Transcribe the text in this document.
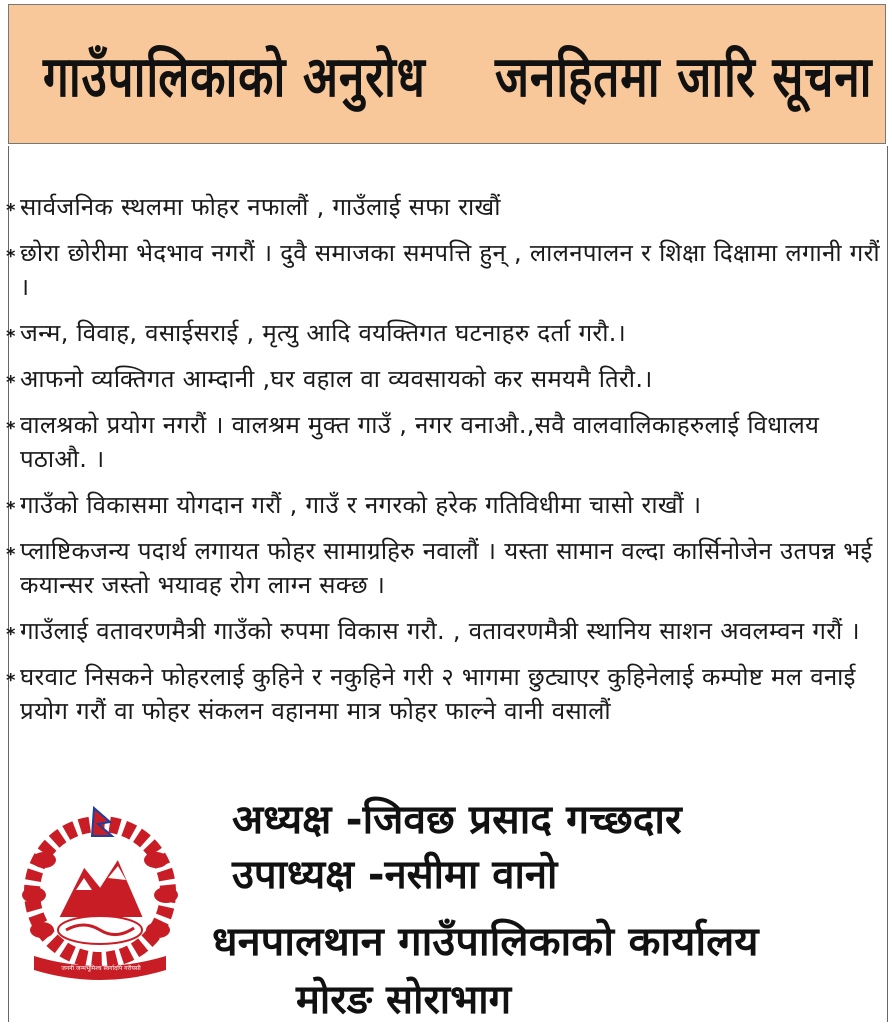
गाउँपालिकाको अनुरोध जनहितमा जारि सूचना
* सार्वजनिक स्थलमा फोहर नफालौं , गाउँलाई सफा राखौं
* छोरा छोरीमा भेदभाव नगरौं । दुवै समाजका समपत्ति हुन् , लालनपालन र शिक्षा दिक्षामा लगानी गरौं ।
* जन्म, विवाह, वसाईसराई , मृत्यु आदि वयक्तिगत घटनाहरु दर्ता गरौ.।
* आफनो व्यक्तिगत आम्दानी ,घर वहाल वा व्यवसायको कर समयमै तिरौ.।
* वालश्रको प्रयोग नगरौं । वालश्रम मुक्त गाउँ , नगर वनाऔ.,सवै वालवालिकाहरुलाई विधालय पठाऔ. ।
* गाउँको विकासमा योगदान गरौं , गाउँ र नगरको हरेक गतिविधीमा चासो राखौं ।
* प्लाष्टिकजन्य पदार्थ लगायत फोहर सामाग्रहिरु नवालौं । यस्ता सामान वल्दा कार्सिनोजेन उतपन्न भई कयान्सर जस्तो भयावह रोग लाग्न सक्छ ।
* गाउँलाई वतावरणमैत्री गाउँको रुपमा विकास गरौ. , वतावरणमैत्री स्थानिय साशन अवलम्वन गरौं ।
* घरवाट निसकने फोहरलाई कुहिने र नकुहिने गरी २ भागमा छुट्याएर कुहिनेलाई कम्पोष्ट मल वनाई प्रयोग गरौं वा फोहर संकलन वहानमा मात्र फोहर फाल्ने वानी वसालौं
अध्यक्ष -जिवछ प्रसाद गच्छदार
उपाध्यक्ष -नसीमा वानो
धनपालथान गाउँपालिकाको कार्यालय
मोरङ सोराभाग
जननी जन्मभूमिश्च स्वर्गादपि गरीयसी
